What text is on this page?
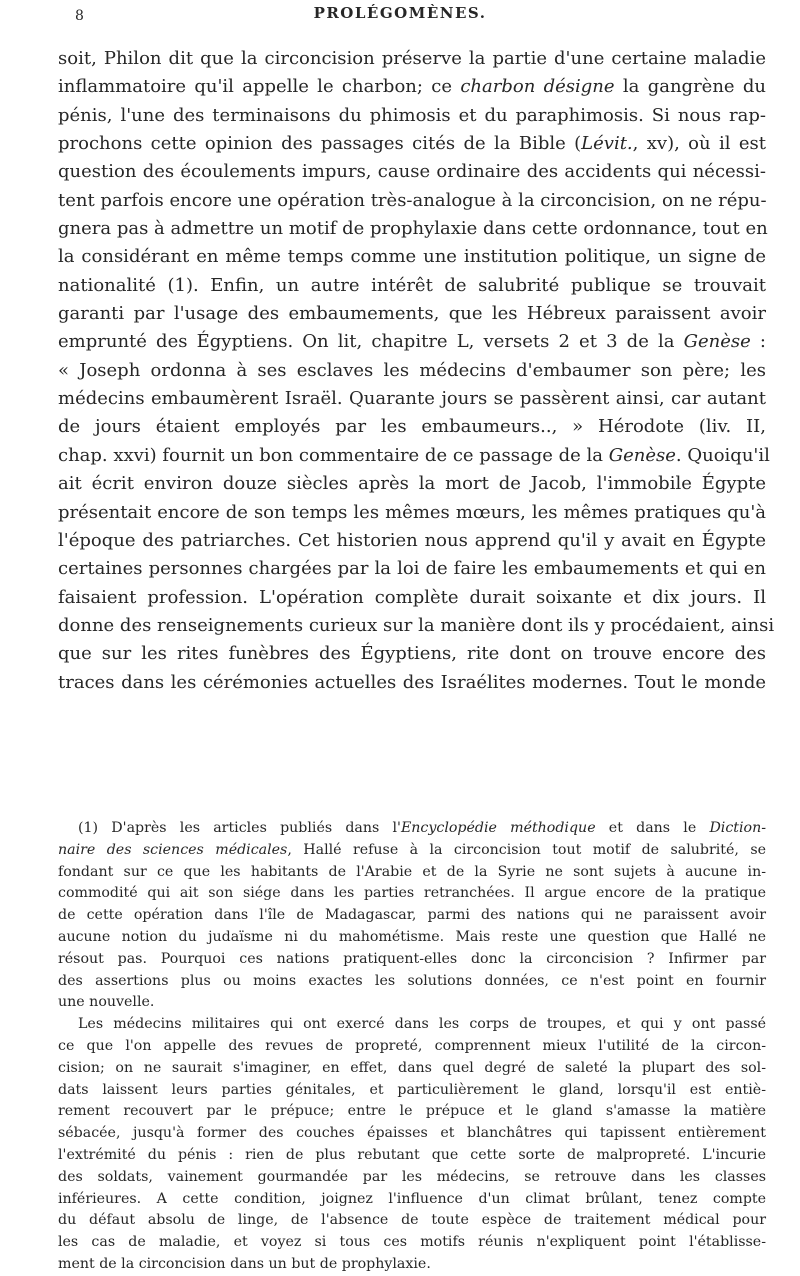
8	PROLÉGOMÈNES.
soit, Philon dit que la circoncision préserve la partie d'une certaine maladie
inflammatoire qu'il appelle le charbon; ce charbon désigne la gangrène du
pénis, l'une des terminaisons du phimosis et du paraphimosis. Si nous rap-
prochons cette opinion des passages cités de la Bible (Lévit., xv), où il est
question des écoulements impurs, cause ordinaire des accidents qui nécessi-
tent parfois encore une opération très-analogue à la circoncision, on ne répu-
gnera pas à admettre un motif de prophylaxie dans cette ordonnance, tout en
la considérant en même temps comme une institution politique, un signe de
nationalité (1). Enfin, un autre intérêt de salubrité publique se trouvait
garanti par l'usage des embaumements, que les Hébreux paraissent avoir
emprunté des Égyptiens. On lit, chapitre L, versets 2 et 3 de la Genèse :
« Joseph ordonna à ses esclaves les médecins d'embaumer son père; les
médecins embaumèrent Israël. Quarante jours se passèrent ainsi, car autant
de jours étaient employés par les embaumeurs.., » Hérodote (liv. II,
chap. xxvi) fournit un bon commentaire de ce passage de la Genèse. Quoiqu'il
ait écrit environ douze siècles après la mort de Jacob, l'immobile Égypte
présentait encore de son temps les mêmes mœurs, les mêmes pratiques qu'à
l'époque des patriarches. Cet historien nous apprend qu'il y avait en Égypte
certaines personnes chargées par la loi de faire les embaumements et qui en
faisaient profession. L'opération complète durait soixante et dix jours. Il
donne des renseignements curieux sur la manière dont ils y procédaient, ainsi
que sur les rites funèbres des Égyptiens, rite dont on trouve encore des
traces dans les cérémonies actuelles des Israélites modernes. Tout le monde
(1) D'après les articles publiés dans l'Encyclopédie méthodique et dans le Diction-
naire des sciences médicales, Hallé refuse à la circoncision tout motif de salubrité, se
fondant sur ce que les habitants de l'Arabie et de la Syrie ne sont sujets à aucune in-
commodité qui ait son siége dans les parties retranchées. Il argue encore de la pratique
de cette opération dans l'île de Madagascar, parmi des nations qui ne paraissent avoir
aucune notion du judaïsme ni du mahométisme. Mais reste une question que Hallé ne
résout pas. Pourquoi ces nations pratiquent-elles donc la circoncision ? Infirmer par
des assertions plus ou moins exactes les solutions données, ce n'est point en fournir
une nouvelle.
Les médecins militaires qui ont exercé dans les corps de troupes, et qui y ont passé
ce que l'on appelle des revues de propreté, comprennent mieux l'utilité de la circon-
cision; on ne saurait s'imaginer, en effet, dans quel degré de saleté la plupart des sol-
dats laissent leurs parties génitales, et particulièrement le gland, lorsqu'il est entiè-
rement recouvert par le prépuce; entre le prépuce et le gland s'amasse la matière
sébacée, jusqu'à former des couches épaisses et blanchâtres qui tapissent entièrement
l'extrémité du pénis : rien de plus rebutant que cette sorte de malpropreté. L'incurie
des soldats, vainement gourmandée par les médecins, se retrouve dans les classes
inférieures. A cette condition, joignez l'influence d'un climat brûlant, tenez compte
du défaut absolu de linge, de l'absence de toute espèce de traitement médical pour
les cas de maladie, et voyez si tous ces motifs réunis n'expliquent point l'établisse-
ment de la circoncision dans un but de prophylaxie.
